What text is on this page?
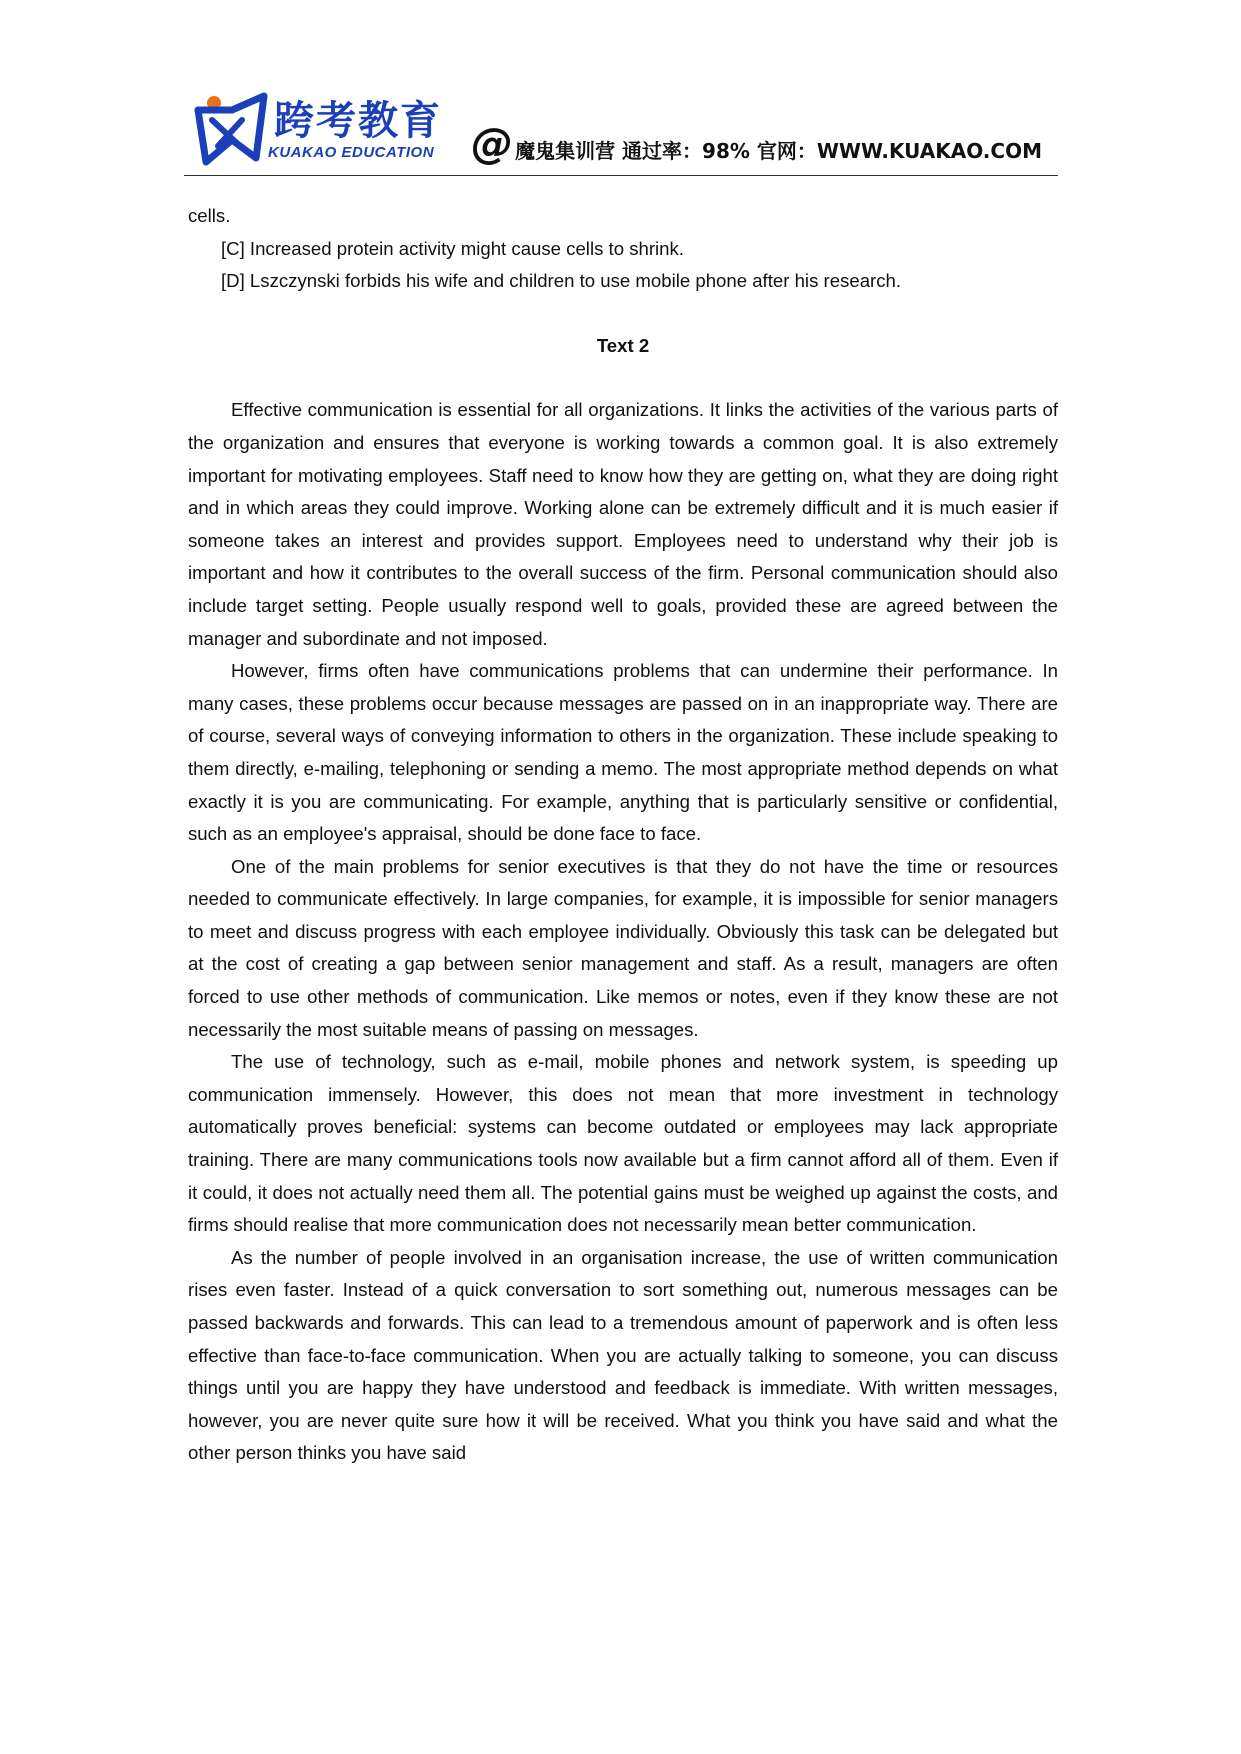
跨考教育
KUAKAO EDUCATION @ 魔鬼集训营 通过率：98% 官网：WWW.KUAKAO.COM

cells.

[C] Increased protein activity might cause cells to shrink.

[D] Lszczynski forbids his wife and children to use mobile phone after his research.

Text 2

Effective communication is essential for all organizations. It links the activities of the various parts of the organization and ensures that everyone is working towards a common goal. It is also extremely important for motivating employees. Staff need to know how they are getting on, what they are doing right and in which areas they could improve. Working alone can be extremely difficult and it is much easier if someone takes an interest and provides support. Employees need to understand why their job is important and how it contributes to the overall success of the firm. Personal communication should also include target setting. People usually respond well to goals, provided these are agreed between the manager and subordinate and not imposed.

However, firms often have communications problems that can undermine their performance. In many cases, these problems occur because messages are passed on in an inappropriate way. There are of course, several ways of conveying information to others in the organization. These include speaking to them directly, e-mailing, telephoning or sending a memo. The most appropriate method depends on what exactly it is you are communicating. For example, anything that is particularly sensitive or confidential, such as an employee's appraisal, should be done face to face.

One of the main problems for senior executives is that they do not have the time or resources needed to communicate effectively. In large companies, for example, it is impossible for senior managers to meet and discuss progress with each employee individually. Obviously this task can be delegated but at the cost of creating a gap between senior management and staff. As a result, managers are often forced to use other methods of communication. Like memos or notes, even if they know these are not necessarily the most suitable means of passing on messages.

The use of technology, such as e-mail, mobile phones and network system, is speeding up communication immensely. However, this does not mean that more investment in technology automatically proves beneficial: systems can become outdated or employees may lack appropriate training. There are many communications tools now available but a firm cannot afford all of them. Even if it could, it does not actually need them all. The potential gains must be weighed up against the costs, and firms should realise that more communication does not necessarily mean better communication.

As the number of people involved in an organisation increase, the use of written communication rises even faster. Instead of a quick conversation to sort something out, numerous messages can be passed backwards and forwards. This can lead to a tremendous amount of paperwork and is often less effective than face-to-face communication. When you are actually talking to someone, you can discuss things until you are happy they have understood and feedback is immediate. With written messages, however, you are never quite sure how it will be received. What you think you have said and what the other person thinks you have said
